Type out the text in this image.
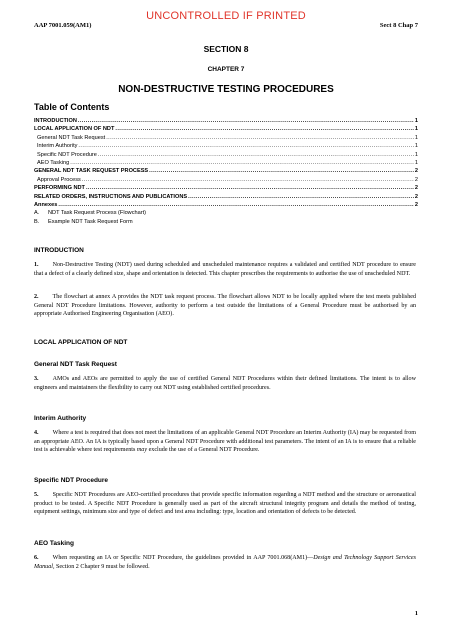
UNCONTROLLED IF PRINTED
AAP 7001.059(AM1)	Sect 8 Chap 7
SECTION 8
CHAPTER 7
NON-DESTRUCTIVE TESTING PROCEDURES
Table of Contents
INTRODUCTION .....	1
LOCAL APPLICATION OF NDT .....	1
General NDT Task Request .....	1
Interim Authority .....	1
Specific NDT Procedure .....	1
AEO Tasking .....	1
GENERAL NDT TASK REQUEST PROCESS .....	2
Approval Process .....	2
PERFORMING NDT .....	2
RELATED ORDERS, INSTRUCTIONS AND PUBLICATIONS .....	2
Annexes .....	2
A.	NDT Task Request Process (Flowchart)
B.	Example NDT Task Request Form
INTRODUCTION
1. Non-Destructive Testing (NDT) used during scheduled and unscheduled maintenance requires a validated and certified NDT procedure to ensure that a defect of a clearly defined size, shape and orientation is detected. This chapter prescribes the requirements to authorise the use of unscheduled NDT.
2. The flowchart at annex A provides the NDT task request process. The flowchart allows NDT to be locally applied where the test meets published General NDT Procedure limitations. However, authority to perform a test outside the limitations of a General Procedure must be authorised by an appropriate Authorised Engineering Organisation (AEO).
LOCAL APPLICATION OF NDT
General NDT Task Request
3. AMOs and AEOs are permitted to apply the use of certified General NDT Procedures within their defined limitations. The intent is to allow engineers and maintainers the flexibility to carry out NDT using established certified procedures.
Interim Authority
4. Where a test is required that does not meet the limitations of an applicable General NDT Procedure an Interim Authority (IA) may be requested from an appropriate AEO. An IA is typically based upon a General NDT Procedure with additional test parameters. The intent of an IA is to ensure that a reliable test is achievable where test requirements may exclude the use of a General NDT Procedure.
Specific NDT Procedure
5. Specific NDT Procedures are AEO-certified procedures that provide specific information regarding a NDT method and the structure or aeronautical product to be tested. A Specific NDT Procedure is generally used as part of the aircraft structural integrity program and details the method of testing, equipment settings, minimum size and type of defect and test area including: type, location and orientation of defects to be detected.
AEO Tasking
6. When requesting an IA or Specific NDT Procedure, the guidelines provided in AAP 7001.068(AM1)—Design and Technology Support Services Manual, Section 2 Chapter 9 must be followed.
1
